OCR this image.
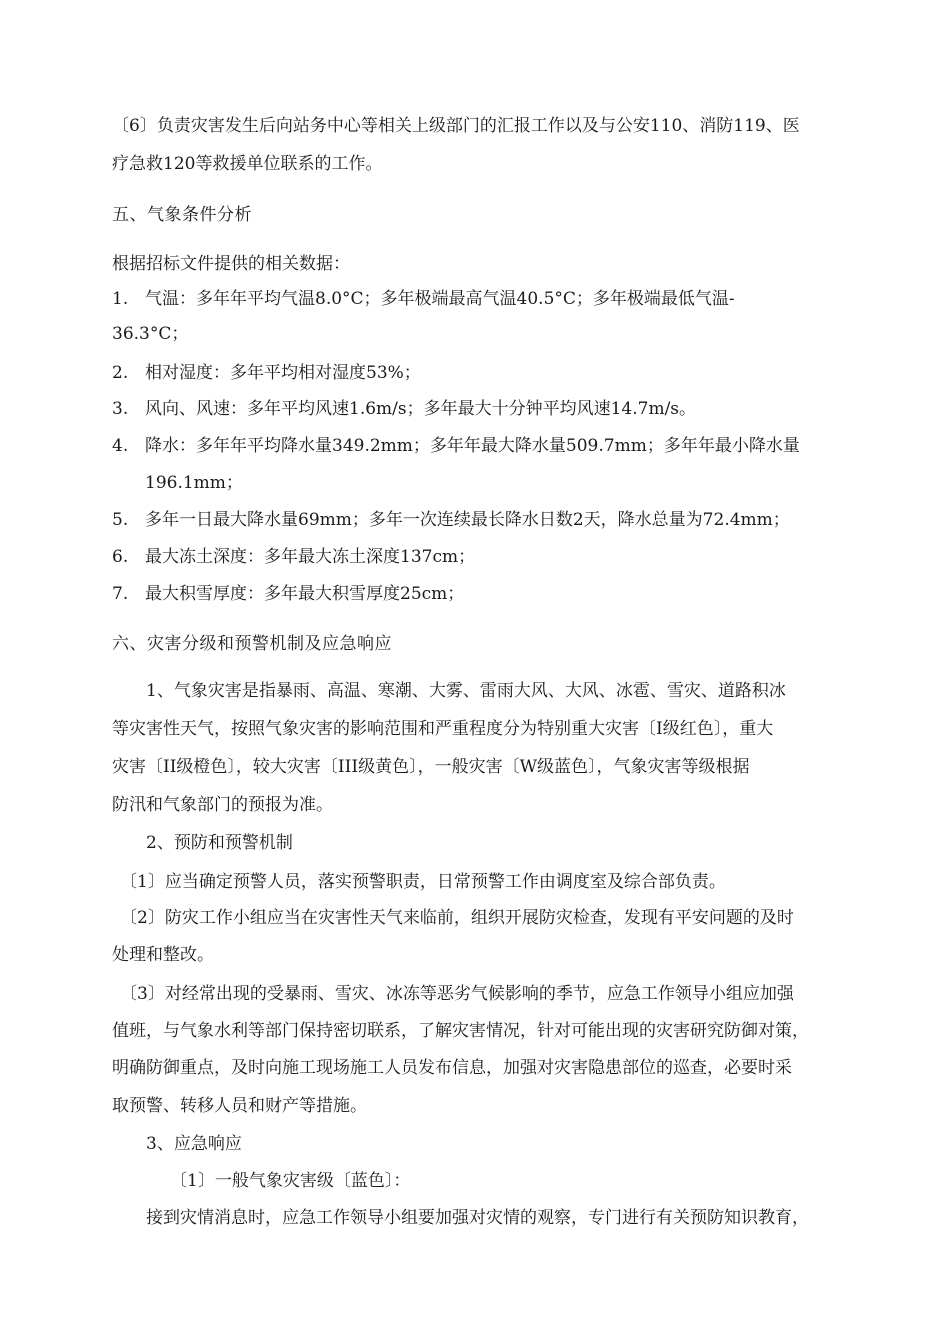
〔6〕负责灾害发生后向站务中心等相关上级部门的汇报工作以及与公安110、消防119、医
疗急救120等救援单位联系的工作。
五、气象条件分析
根据招标文件提供的相关数据：
1. 气温：多年年平均气温8.0°C；多年极端最高气温40.5°C；多年极端最低气温-
36.3°C；
2. 相对湿度：多年平均相对湿度53%；
3. 风向、风速：多年平均风速1.6m/s；多年最大十分钟平均风速14.7m/s。
4. 降水：多年年平均降水量349.2mm；多年年最大降水量509.7mm；多年年最小降水量
196.1mm；
5. 多年一日最大降水量69mm；多年一次连续最长降水日数2天，降水总量为72.4mm；
6. 最大冻土深度：多年最大冻土深度137cm；
7. 最大积雪厚度：多年最大积雪厚度25cm；
六、灾害分级和预警机制及应急响应
1、气象灾害是指暴雨、高温、寒潮、大雾、雷雨大风、大风、冰雹、雪灾、道路积冰
等灾害性天气，按照气象灾害的影响范围和严重程度分为特别重大灾害〔I级红色〕，重大
灾害〔II级橙色〕，较大灾害〔III级黄色〕，一般灾害〔W级蓝色〕，气象灾害等级根据
防汛和气象部门的预报为准。
2、预防和预警机制
〔1〕应当确定预警人员，落实预警职责，日常预警工作由调度室及综合部负责。
〔2〕防灾工作小组应当在灾害性天气来临前，组织开展防灾检查，发现有平安问题的及时
处理和整改。
〔3〕对经常出现的受暴雨、雪灾、冰冻等恶劣气候影响的季节，应急工作领导小组应加强
值班，与气象水利等部门保持密切联系，了解灾害情况，针对可能出现的灾害研究防御对策，
明确防御重点，及时向施工现场施工人员发布信息，加强对灾害隐患部位的巡查，必要时采
取预警、转移人员和财产等措施。
3、应急响应
〔1〕一般气象灾害级〔蓝色〕：
接到灾情消息时，应急工作领导小组要加强对灾情的观察，专门进行有关预防知识教育，
